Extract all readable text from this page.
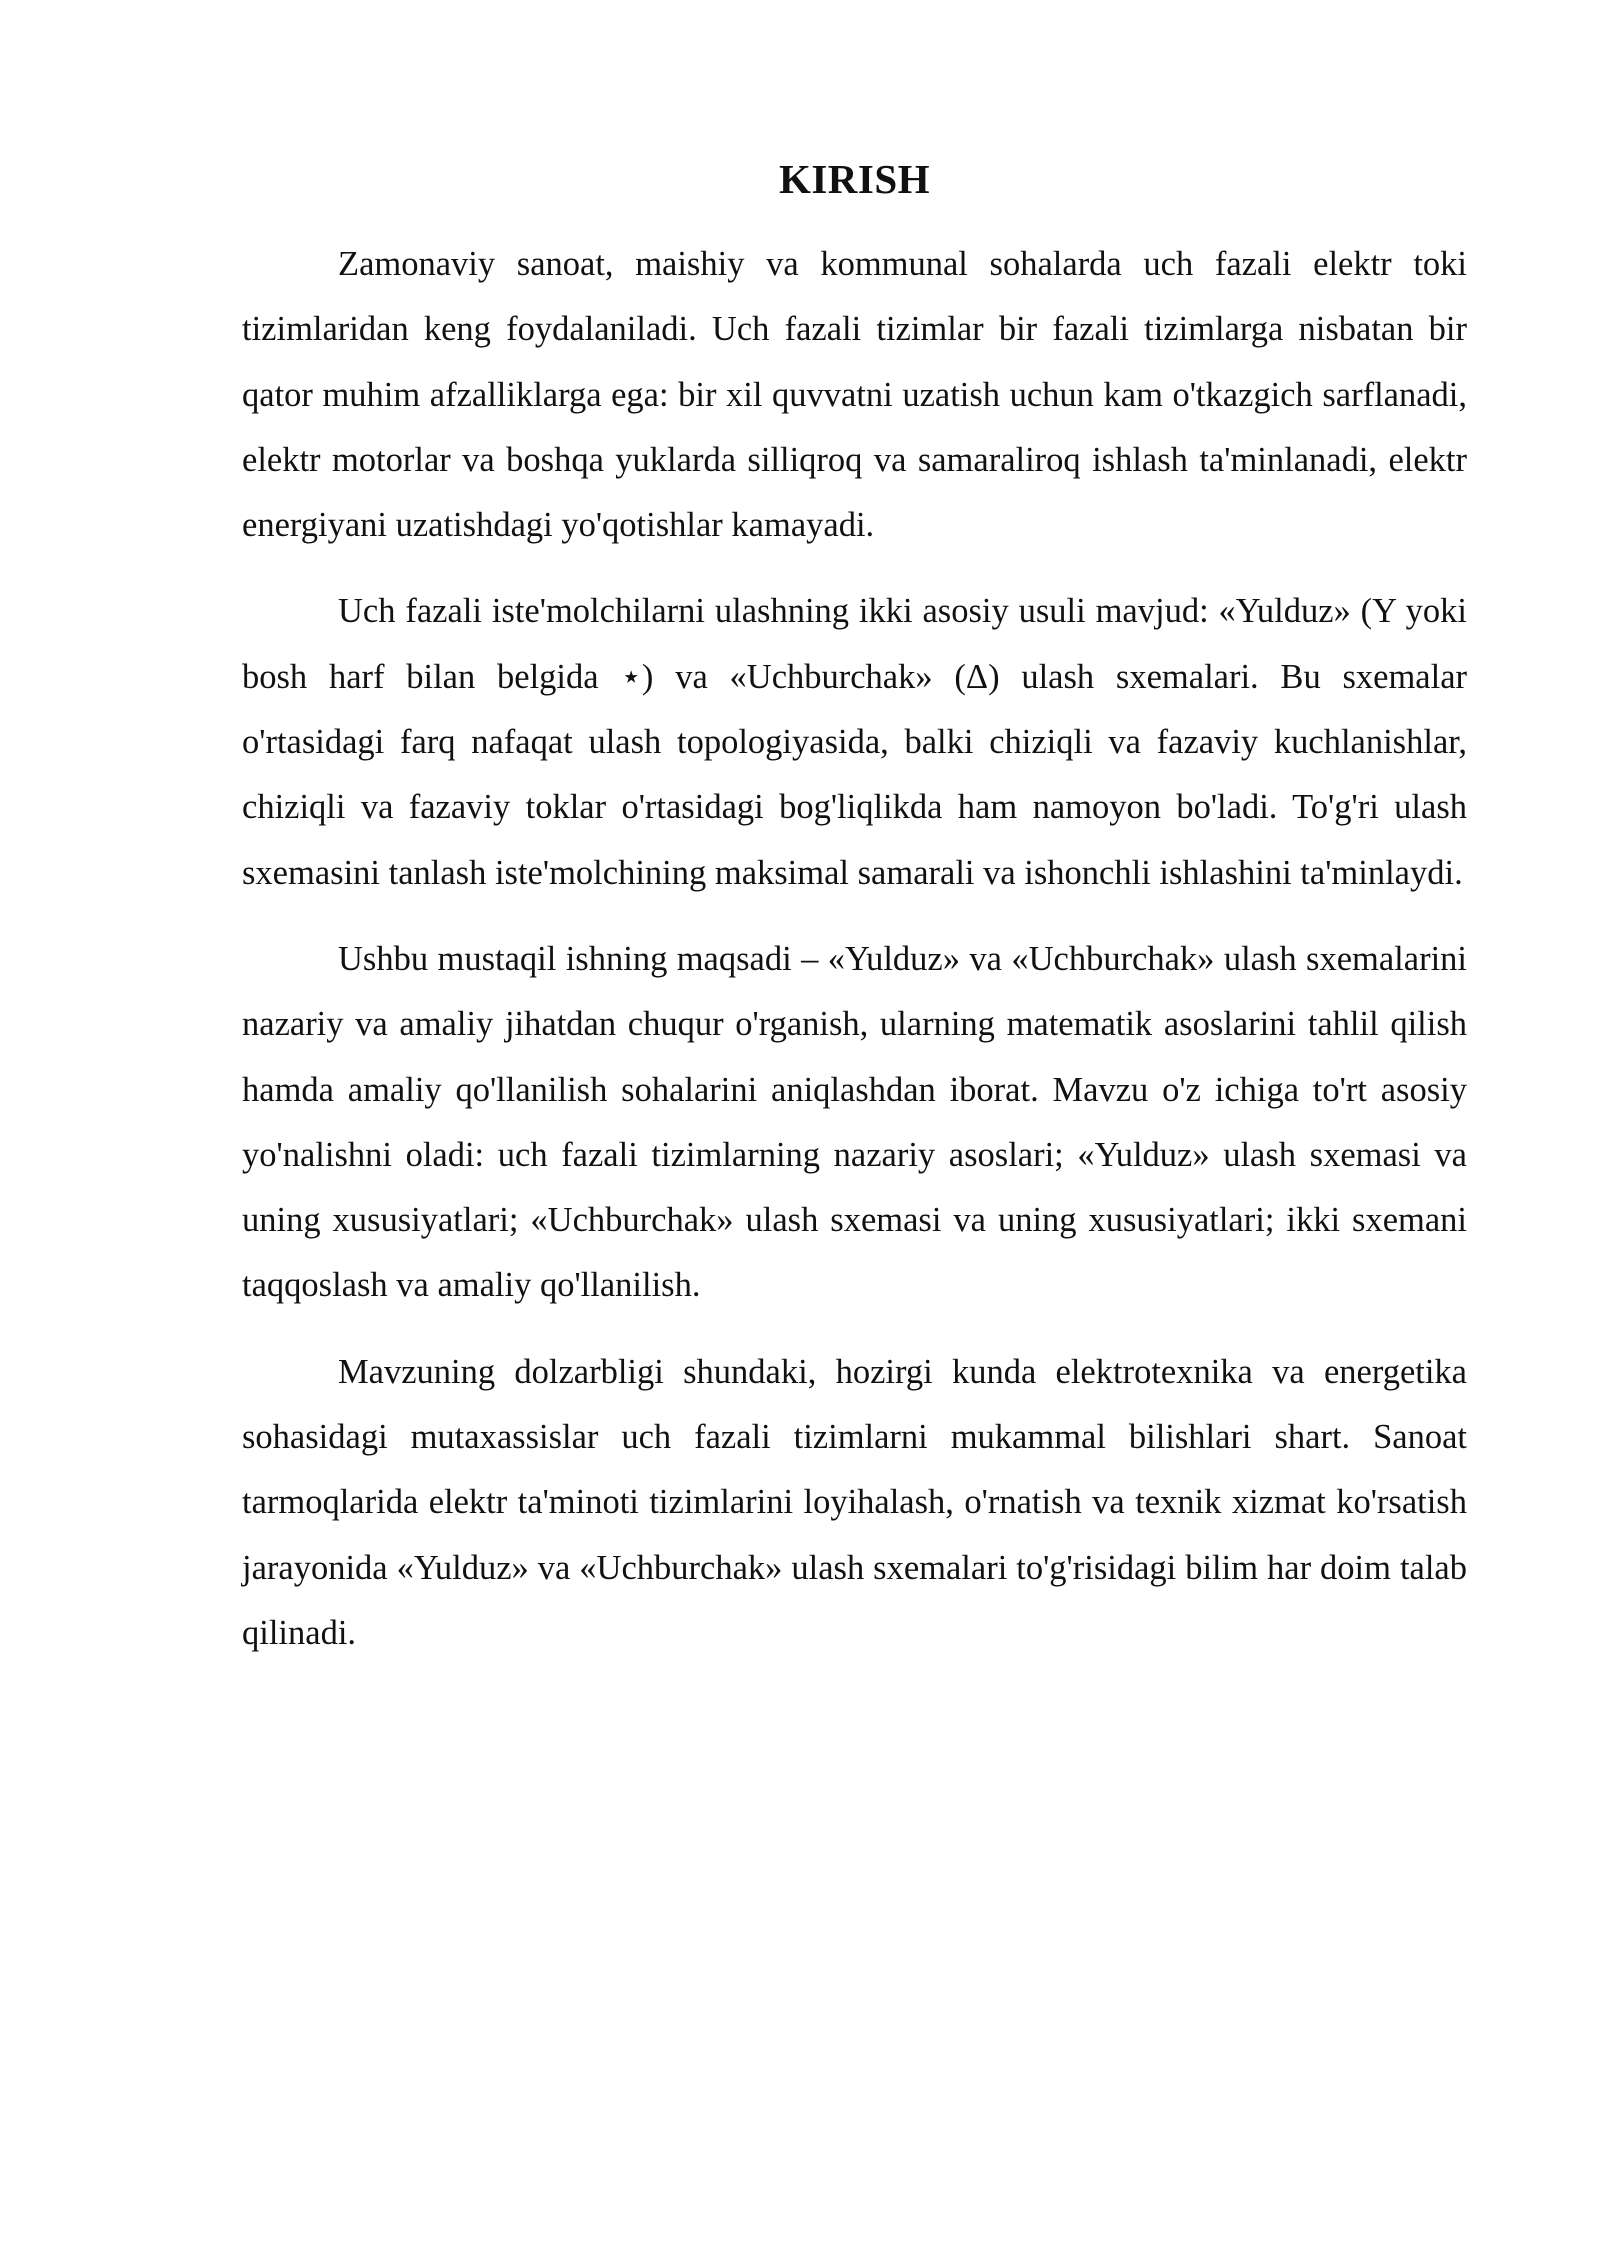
KIRISH

Zamonaviy sanoat, maishiy va kommunal sohalarda uch fazali elektr toki tizimlaridan keng foydalaniladi. Uch fazali tizimlar bir fazali tizimlarga nisbatan bir qator muhim afzalliklarga ega: bir xil quvvatni uzatish uchun kam o'tkazgich sarflanadi, elektr motorlar va boshqa yuklarda silliqroq va samaraliroq ishlash ta'minlanadi, elektr energiyani uzatishdagi yo'qotishlar kamayadi.

Uch fazali iste'molchilarni ulashning ikki asosiy usuli mavjud: «Yulduz» (Y yoki bosh harf bilan belgida ⋆) va «Uchburchak» (Δ) ulash sxemalari. Bu sxemalar o'rtasidagi farq nafaqat ulash topologiyasida, balki chiziqli va fazaviy kuchlanishlar, chiziqli va fazaviy toklar o'rtasidagi bog'liqlikda ham namoyon bo'ladi. To'g'ri ulash sxemasini tanlash iste'molchining maksimal samarali va ishonchli ishlashini ta'minlaydi.

Ushbu mustaqil ishning maqsadi – «Yulduz» va «Uchburchak» ulash sxemalarini nazariy va amaliy jihatdan chuqur o'rganish, ularning matematik asoslarini tahlil qilish hamda amaliy qo'llanilish sohalarini aniqlashdan iborat. Mavzu o'z ichiga to'rt asosiy yo'nalishni oladi: uch fazali tizimlarning nazariy asoslari; «Yulduz» ulash sxemasi va uning xususiyatlari; «Uchburchak» ulash sxemasi va uning xususiyatlari; ikki sxemani taqqoslash va amaliy qo'llanilish.

Mavzuning dolzarbligi shundaki, hozirgi kunda elektrotexnika va energetika sohasidagi mutaxassislar uch fazali tizimlarni mukammal bilishlari shart. Sanoat tarmoqlarida elektr ta'minoti tizimlarini loyihalash, o'rnatish va texnik xizmat ko'rsatish jarayonida «Yulduz» va «Uchburchak» ulash sxemalari to'g'risidagi bilim har doim talab qilinadi.
